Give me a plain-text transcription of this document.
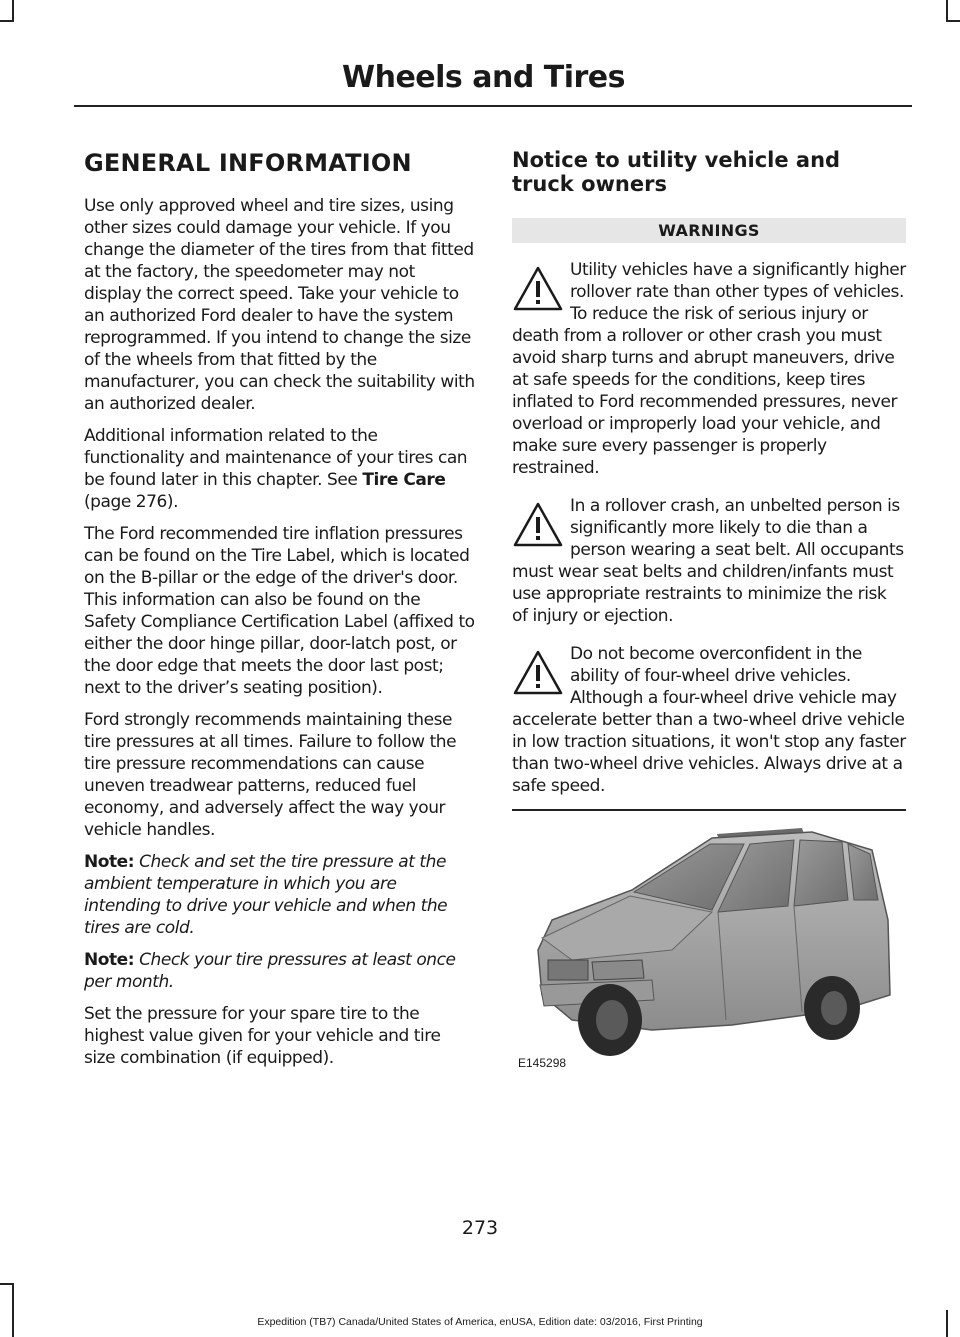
Wheels and Tires
GENERAL INFORMATION

Use only approved wheel and tire sizes, using other sizes could damage your vehicle. If you change the diameter of the tires from that fitted at the factory, the speedometer may not display the correct speed. Take your vehicle to an authorized Ford dealer to have the system reprogrammed. If you intend to change the size of the wheels from that fitted by the manufacturer, you can check the suitability with an authorized dealer.

Additional information related to the functionality and maintenance of your tires can be found later in this chapter. See Tire Care (page 276).

The Ford recommended tire inflation pressures can be found on the Tire Label, which is located on the B-pillar or the edge of the driver's door. This information can also be found on the Safety Compliance Certification Label (affixed to either the door hinge pillar, door-latch post, or the door edge that meets the door last post; next to the driver’s seating position).

Ford strongly recommends maintaining these tire pressures at all times. Failure to follow the tire pressure recommendations can cause uneven treadwear patterns, reduced fuel economy, and adversely affect the way your vehicle handles.

Note: Check and set the tire pressure at the ambient temperature in which you are intending to drive your vehicle and when the tires are cold.

Note: Check your tire pressures at least once per month.

Set the pressure for your spare tire to the highest value given for your vehicle and tire size combination (if equipped).

Notice to utility vehicle and truck owners
WARNINGS

Utility vehicles have a significantly higher rollover rate than other types of vehicles. To reduce the risk of serious injury or death from a rollover or other crash you must avoid sharp turns and abrupt maneuvers, drive at safe speeds for the conditions, keep tires inflated to Ford recommended pressures, never overload or improperly load your vehicle, and make sure every passenger is properly restrained.

In a rollover crash, an unbelted person is significantly more likely to die than a person wearing a seat belt. All occupants must wear seat belts and children/infants must use appropriate restraints to minimize the risk of injury or ejection.

Do not become overconfident in the ability of four-wheel drive vehicles. Although a four-wheel drive vehicle may accelerate better than a two-wheel drive vehicle in low traction situations, it won't stop any faster than two-wheel drive vehicles. Always drive at a safe speed.

E145298
273
Expedition (TB7) Canada/United States of America, enUSA, Edition date: 03/2016, First Printing
